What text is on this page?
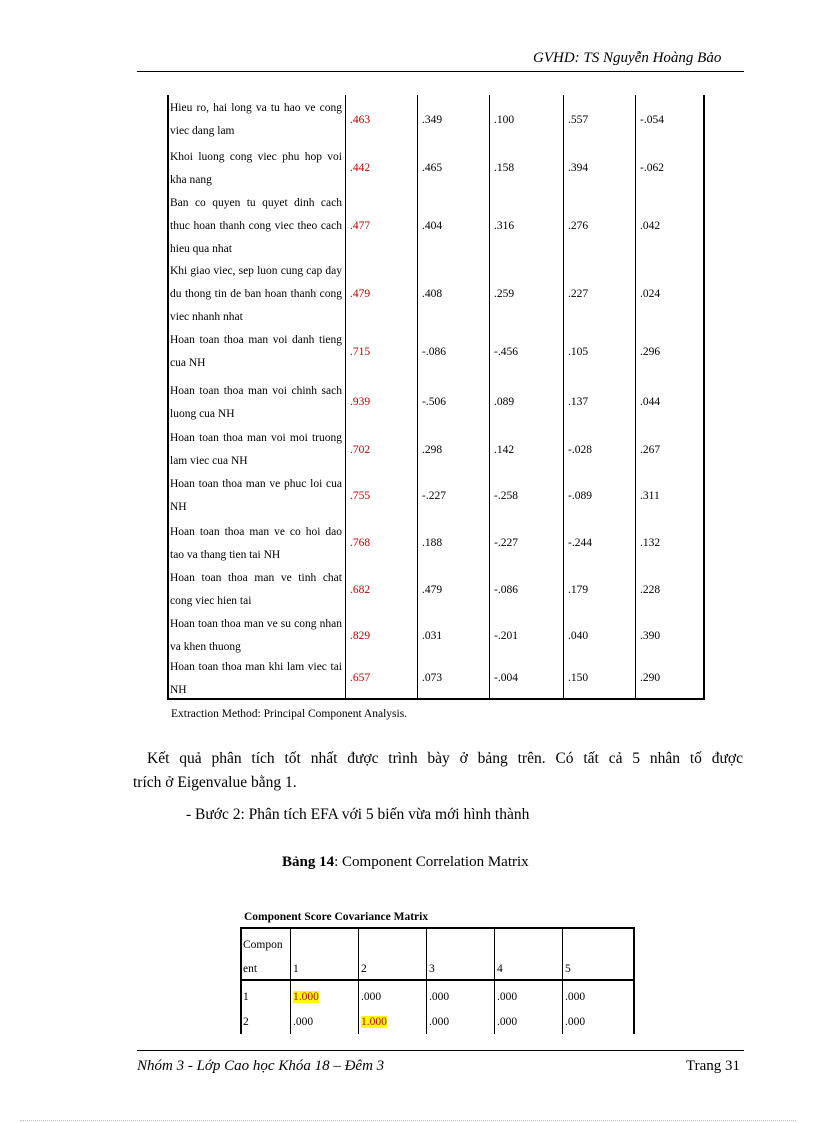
GVHD: TS Nguyễn Hoàng Bảo
Hieu ro, hai long va tu hao ve cong viec dang lam
.463	.349	.100	.557	-.054
Khoi luong cong viec phu hop voi kha nang
.442	.465	.158	.394	-.062
Ban co quyen tu quyet dinh cach thuc hoan thanh cong viec theo cach hieu qua nhat
.477	.404	.316	.276	.042
Khi giao viec, sep luon cung cap day du thong tin de ban hoan thanh cong viec nhanh nhat
.479	.408	.259	.227	.024
Hoan toan thoa man voi danh tieng cua NH
.715	-.086	-.456	.105	.296
Hoan toan thoa man voi chinh sach luong cua NH
.939	-.506	.089	.137	.044
Hoan toan thoa man voi moi truong lam viec cua NH
.702	.298	.142	-.028	.267
Hoan toan thoa man ve phuc loi cua NH
.755	-.227	-.258	-.089	.311
Hoan toan thoa man ve co hoi dao tao va thang tien tai NH
.768	.188	-.227	-.244	.132
Hoan toan thoa man ve tinh chat cong viec hien tai
.682	.479	-.086	.179	.228
Hoan toan thoa man ve su cong nhan va khen thuong
.829	.031	-.201	.040	.390
Hoan toan thoa man khi lam viec tai NH
.657	.073	-.004	.150	.290
Extraction Method: Principal Component Analysis.
Kết quả phân tích tốt nhất được trình bày ở bảng trên. Có tất cả 5 nhân tố được
trích ở Eigenvalue bằng 1.
- Bước 2: Phân tích EFA với 5 biến vừa mới hình thành
Bảng 14: Component Correlation Matrix
Component Score Covariance Matrix
Compon
ent	1	2	3	4	5
1	1.000	.000	.000	.000	.000
2	.000	1.000	.000	.000	.000
Nhóm 3 - Lớp Cao học Khóa 18 – Đêm 3	Trang 31
